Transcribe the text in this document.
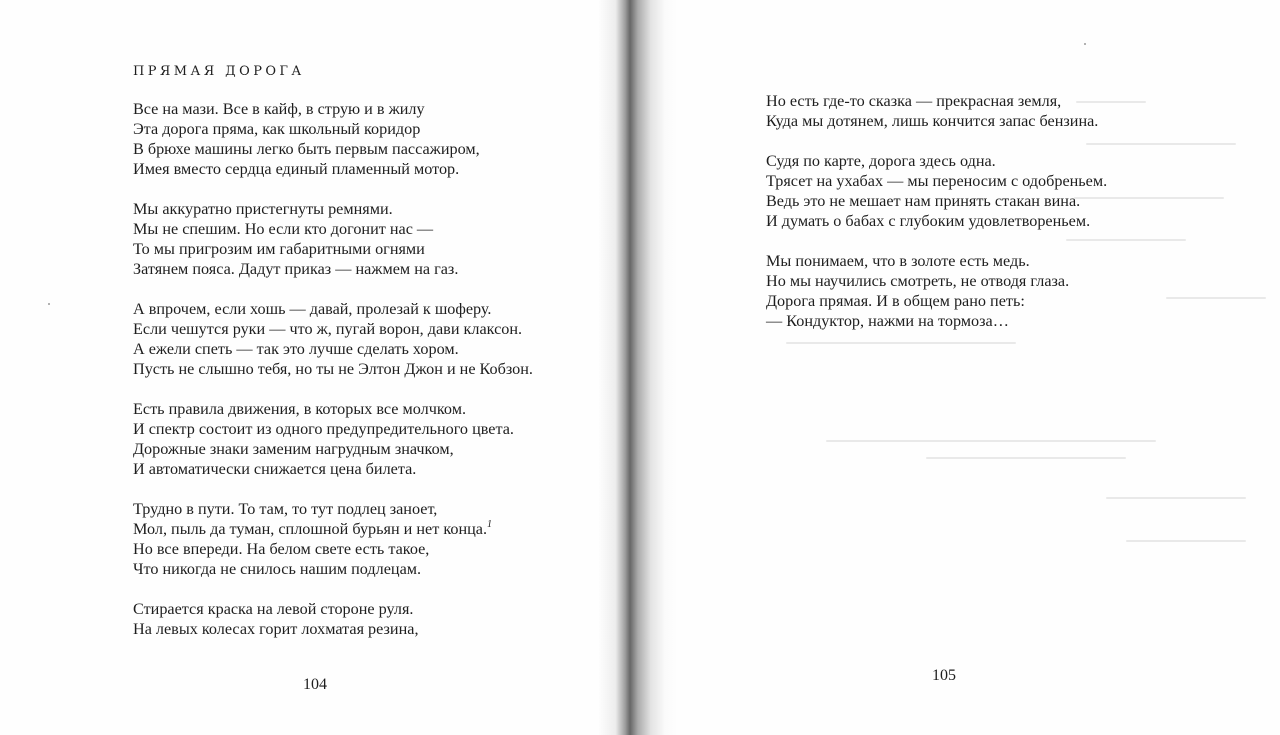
ПРЯМАЯ ДОРОГА
Все на мази. Все в кайф, в струю и в жилу
Эта дорога пряма, как школьный коридор
В брюхе машины легко быть первым пассажиром,
Имея вместо сердца единый пламенный мотор.
Мы аккуратно пристегнуты ремнями.
Мы не спешим. Но если кто догонит нас —
То мы пригрозим им габаритными огнями
Затянем пояса. Дадут приказ — нажмем на газ.
А впрочем, если хошь — давай, пролезай к шоферу.
Если чешутся руки — что ж, пугай ворон, дави клаксон.
А ежели спеть — так это лучше сделать хором.
Пусть не слышно тебя, но ты не Элтон Джон и не Кобзон.
Есть правила движения, в которых все молчком.
И спектр состоит из одного предупредительного цвета.
Дорожные знаки заменим нагрудным значком,
И автоматически снижается цена билета.
Трудно в пути. То там, то тут подлец заноет,
Мол, пыль да туман, сплошной бурьян и нет конца.$^1$
Но все впереди. На белом свете есть такое,
Что никогда не снилось нашим подлецам.
Стирается краска на левой стороне руля.
На левых колесах горит лохматая резина,
104
105
Но есть где-то сказка — прекрасная земля,
Куда мы дотянем, лишь кончится запас бензина.
Судя по карте, дорога здесь одна.
Трясет на ухабах — мы переносим с одобреньем.
Ведь это не мешает нам принять стакан вина.
И думать о бабах с глубоким удовлетвореньем.
Мы понимаем, что в золоте есть медь.
Но мы научились смотреть, не отводя глаза.
Дорога прямая. И в общем рано петь:
— Кондуктор, нажми на тормоза…
